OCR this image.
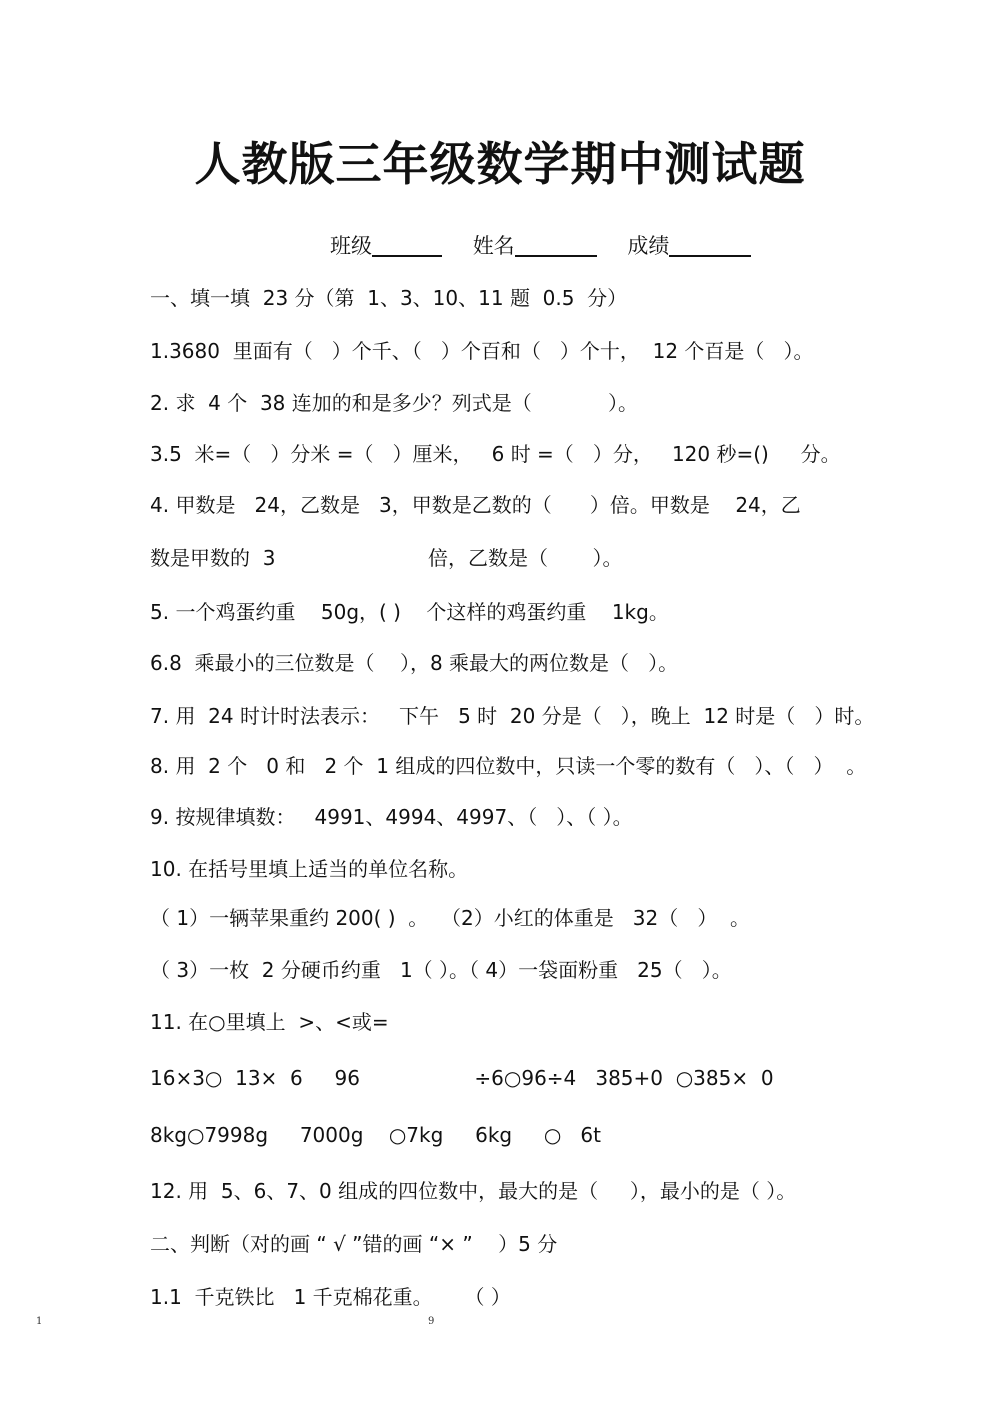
人教版三年级数学期中测试题
班级	姓名	成绩
一、填一填  23 分（第  1、3、10、11 题  0.5  分）
1.3680  里面有（   ）个千、（   ）个百和（   ）个十，  12 个百是（   ）。
2. 求  4 个  38 连加的和是多少？列式是（            ）。
3.5  米=（   ）分米 =（   ）厘米，   6 时 =（   ）分，   120 秒=()     分。
4. 甲数是   24，乙数是   3，甲数是乙数的（      ）倍。甲数是    24，乙
数是甲数的  3                        倍，乙数是（       ）。
5. 一个鸡蛋约重    50g，( )    个这样的鸡蛋约重    1kg。
6.8  乘最小的三位数是（    ），8 乘最大的两位数是（   ）。
7. 用  24 时计时法表示：   下午   5 时  20 分是（   ），晚上  12 时是（   ）时。
8. 用  2 个   0 和   2 个  1 组成的四位数中，只读一个零的数有（   ）、（   ）  。
9. 按规律填数：   4991、4994、4997、（   ）、（ ）。
10. 在括号里填上适当的单位名称。
（ 1）一辆苹果重约 200( )  。  （2）小红的体重是   32（   ）  。
（ 3）一枚  2 分硬币约重   1（ ）。（ 4）一袋面粉重   25（   ）。
11. 在○里填上  >、<或=
16×3○  13×  6     96                  ÷6○96÷4   385+0  ○385×  0
8kg○7998g     7000g    ○7kg     6kg     ○   6t
12. 用  5、6、7、0 组成的四位数中，最大的是（     ），最小的是（ ）。
二、判断（对的画 “ √ ”错的画 “× ”    ）5 分
1.1  千克铁比   1 千克棉花重。     （ ）
1	9
